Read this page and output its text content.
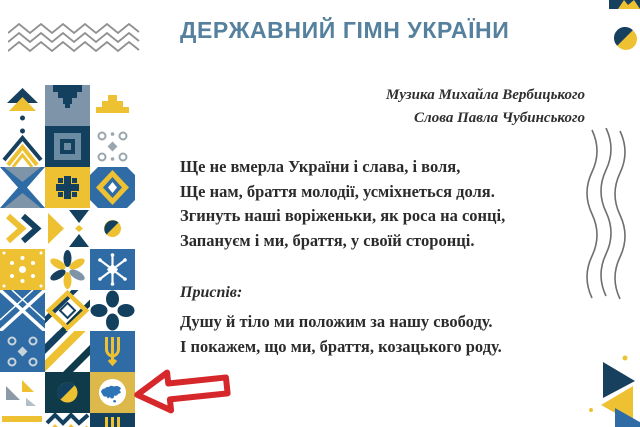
ДЕРЖАВНИЙ ГІМН УКРАЇНИ
Музика Михайла Вербицького
Слова Павла Чубинського
Ще не вмерла України і слава, і воля,
Ще нам, браття молодії, усміхнеться доля.
Згинуть наші воріженьки, як роса на сонці,
Запануєм і ми, браття, у своїй сторонці.
Приспів:
Душу й тіло ми положим за нашу свободу.
І покажем, що ми, браття, козацького роду.
